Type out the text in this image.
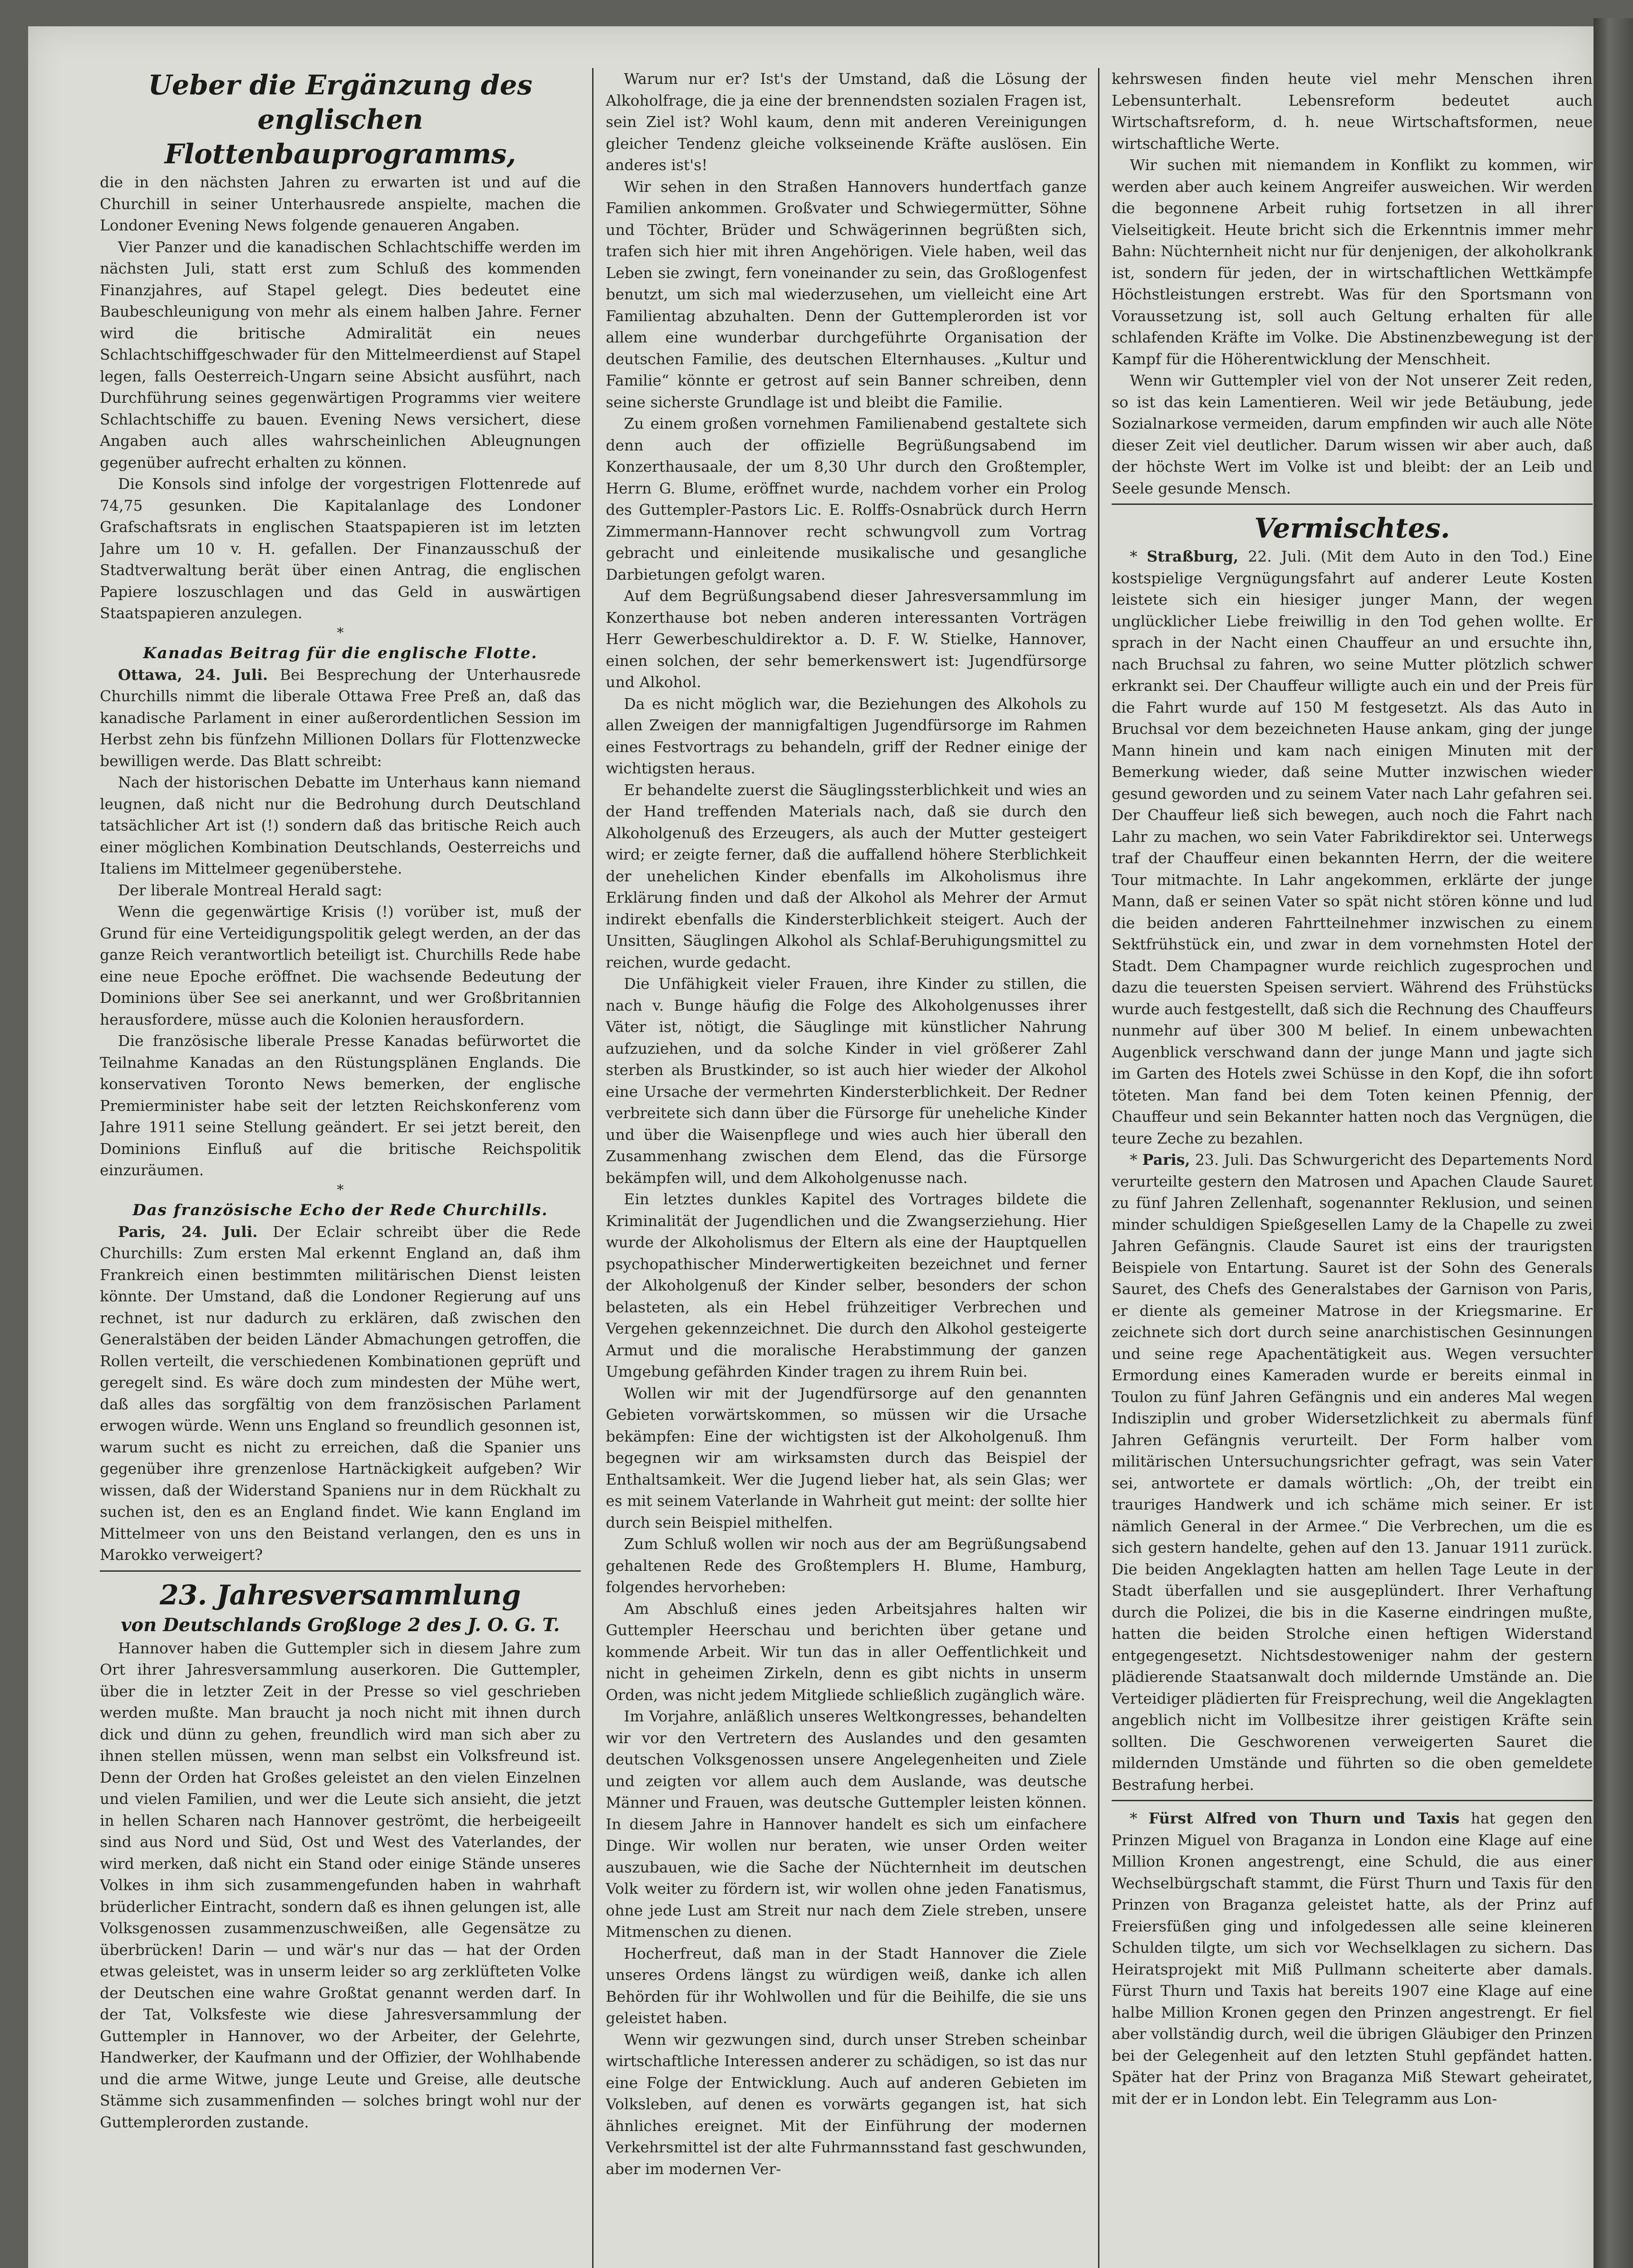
Ueber die Ergänzung des englischen Flottenbauprogramms,

die in den nächsten Jahren zu erwarten ist und auf die Churchill in seiner Unterhausrede anspielte, machen die Londoner Evening News folgende genaueren Angaben.

Vier Panzer und die kanadischen Schlachtschiffe werden im nächsten Juli, statt erst zum Schluß des kommenden Finanzjahres, auf Stapel gelegt. Dies bedeutet eine Baubeschleunigung von mehr als einem halben Jahre. Ferner wird die britische Admiralität ein neues Schlachtschiffgeschwader für den Mittelmeerdienst auf Stapel legen, falls Oesterreich-Ungarn seine Absicht ausführt, nach Durchführung seines gegenwärtigen Programms vier weitere Schlachtschiffe zu bauen. Evening News versichert, diese Angaben auch alles wahrscheinlichen Ableugnungen gegenüber aufrecht erhalten zu können.

Die Konsols sind infolge der vorgestrigen Flottenrede auf 74,75 gesunken. Die Kapitalanlage des Londoner Grafschaftsrats in englischen Staatspapieren ist im letzten Jahre um 10 v. H. gefallen. Der Finanzausschuß der Stadtverwaltung berät über einen Antrag, die englischen Papiere loszuschlagen und das Geld in auswärtigen Staatspapieren anzulegen.

*

Kanadas Beitrag für die englische Flotte.

Ottawa, 24. Juli. Bei Besprechung der Unterhausrede Churchills nimmt die liberale Ottawa Free Preß an, daß das kanadische Parlament in einer außerordentlichen Session im Herbst zehn bis fünfzehn Millionen Dollars für Flottenzwecke bewilligen werde. Das Blatt schreibt:

Nach der historischen Debatte im Unterhaus kann niemand leugnen, daß nicht nur die Bedrohung durch Deutschland tatsächlicher Art ist (!) sondern daß das britische Reich auch einer möglichen Kombination Deutschlands, Oesterreichs und Italiens im Mittelmeer gegenüberstehe.

Der liberale Montreal Herald sagt:

Wenn die gegenwärtige Krisis (!) vorüber ist, muß der Grund für eine Verteidigungspolitik gelegt werden, an der das ganze Reich verantwortlich beteiligt ist. Churchills Rede habe eine neue Epoche eröffnet. Die wachsende Bedeutung der Dominions über See sei anerkannt, und wer Großbritannien herausfordere, müsse auch die Kolonien herausfordern.

Die französische liberale Presse Kanadas befürwortet die Teilnahme Kanadas an den Rüstungsplänen Englands. Die konservativen Toronto News bemerken, der englische Premierminister habe seit der letzten Reichskonferenz vom Jahre 1911 seine Stellung geändert. Er sei jetzt bereit, den Dominions Einfluß auf die britische Reichspolitik einzuräumen.

*

Das französische Echo der Rede Churchills.

Paris, 24. Juli. Der Eclair schreibt über die Rede Churchills: Zum ersten Mal erkennt England an, daß ihm Frankreich einen bestimmten militärischen Dienst leisten könnte. Der Umstand, daß die Londoner Regierung auf uns rechnet, ist nur dadurch zu erklären, daß zwischen den Generalstäben der beiden Länder Abmachungen getroffen, die Rollen verteilt, die verschiedenen Kombinationen geprüft und geregelt sind. Es wäre doch zum mindesten der Mühe wert, daß alles das sorgfältig von dem französischen Parlament erwogen würde. Wenn uns England so freundlich gesonnen ist, warum sucht es nicht zu erreichen, daß die Spanier uns gegenüber ihre grenzenlose Hartnäckigkeit aufgeben? Wir wissen, daß der Widerstand Spaniens nur in dem Rückhalt zu suchen ist, den es an England findet. Wie kann England im Mittelmeer von uns den Beistand verlangen, den es uns in Marokko verweigert?

23. Jahresversammlung
von Deutschlands Großloge 2 des J. O. G. T.

Hannover haben die Guttempler sich in diesem Jahre zum Ort ihrer Jahresversammlung auserkoren. Die Guttempler, über die in letzter Zeit in der Presse so viel geschrieben werden mußte. Man braucht ja noch nicht mit ihnen durch dick und dünn zu gehen, freundlich wird man sich aber zu ihnen stellen müssen, wenn man selbst ein Volksfreund ist. Denn der Orden hat Großes geleistet an den vielen Einzelnen und vielen Familien, und wer die Leute sich ansieht, die jetzt in hellen Scharen nach Hannover geströmt, die herbeigeeilt sind aus Nord und Süd, Ost und West des Vaterlandes, der wird merken, daß nicht ein Stand oder einige Stände unseres Volkes in ihm sich zusammengefunden haben in wahrhaft brüderlicher Eintracht, sondern daß es ihnen gelungen ist, alle Volksgenossen zusammenzuschweißen, alle Gegensätze zu überbrücken! Darin — und wär's nur das — hat der Orden etwas geleistet, was in unserm leider so arg zerklüfteten Volke der Deutschen eine wahre Großtat genannt werden darf. In der Tat, Volksfeste wie diese Jahresversammlung der Guttempler in Hannover, wo der Arbeiter, der Gelehrte, Handwerker, der Kaufmann und der Offizier, der Wohlhabende und die arme Witwe, junge Leute und Greise, alle deutsche Stämme sich zusammenfinden — solches bringt wohl nur der Guttemplerorden zustande.

Warum nur er? Ist's der Umstand, daß die Lösung der Alkoholfrage, die ja eine der brennendsten sozialen Fragen ist, sein Ziel ist? Wohl kaum, denn mit anderen Vereinigungen gleicher Tendenz gleiche volkseinende Kräfte auslösen. Ein anderes ist's!

Wir sehen in den Straßen Hannovers hundertfach ganze Familien ankommen. Großvater und Schwiegermütter, Söhne und Töchter, Brüder und Schwägerinnen begrüßten sich, trafen sich hier mit ihren Angehörigen. Viele haben, weil das Leben sie zwingt, fern voneinander zu sein, das Großlogenfest benutzt, um sich mal wiederzusehen, um vielleicht eine Art Familientag abzuhalten. Denn der Guttemplerorden ist vor allem eine wunderbar durchgeführte Organisation der deutschen Familie, des deutschen Elternhauses. „Kultur und Familie“ könnte er getrost auf sein Banner schreiben, denn seine sicherste Grundlage ist und bleibt die Familie.

Zu einem großen vornehmen Familienabend gestaltete sich denn auch der offizielle Begrüßungsabend im Konzerthausaale, der um 8,30 Uhr durch den Großtempler, Herrn G. Blume, eröffnet wurde, nachdem vorher ein Prolog des Guttempler-Pastors Lic. E. Rolffs-Osnabrück durch Herrn Zimmermann-Hannover recht schwungvoll zum Vortrag gebracht und einleitende musikalische und gesangliche Darbietungen gefolgt waren.

Auf dem Begrüßungsabend dieser Jahresversammlung im Konzerthause bot neben anderen interessanten Vorträgen Herr Gewerbeschuldirektor a. D. F. W. Stielke, Hannover, einen solchen, der sehr bemerkenswert ist: Jugendfürsorge und Alkohol.

Da es nicht möglich war, die Beziehungen des Alkohols zu allen Zweigen der mannigfaltigen Jugendfürsorge im Rahmen eines Festvortrags zu behandeln, griff der Redner einige der wichtigsten heraus.

Er behandelte zuerst die Säuglingssterblichkeit und wies an der Hand treffenden Materials nach, daß sie durch den Alkoholgenuß des Erzeugers, als auch der Mutter gesteigert wird; er zeigte ferner, daß die auffallend höhere Sterblichkeit der unehelichen Kinder ebenfalls im Alkoholismus ihre Erklärung finden und daß der Alkohol als Mehrer der Armut indirekt ebenfalls die Kindersterblichkeit steigert. Auch der Unsitten, Säuglingen Alkohol als Schlaf-Beruhigungsmittel zu reichen, wurde gedacht.

Die Unfähigkeit vieler Frauen, ihre Kinder zu stillen, die nach v. Bunge häufig die Folge des Alkoholgenusses ihrer Väter ist, nötigt, die Säuglinge mit künstlicher Nahrung aufzuziehen, und da solche Kinder in viel größerer Zahl sterben als Brustkinder, so ist auch hier wieder der Alkohol eine Ursache der vermehrten Kindersterblichkeit. Der Redner verbreitete sich dann über die Fürsorge für uneheliche Kinder und über die Waisenpflege und wies auch hier überall den Zusammenhang zwischen dem Elend, das die Fürsorge bekämpfen will, und dem Alkoholgenusse nach.

Ein letztes dunkles Kapitel des Vortrages bildete die Kriminalität der Jugendlichen und die Zwangserziehung. Hier wurde der Alkoholismus der Eltern als eine der Hauptquellen psychopathischer Minderwertigkeiten bezeichnet und ferner der Alkoholgenuß der Kinder selber, besonders der schon belasteten, als ein Hebel frühzeitiger Verbrechen und Vergehen gekennzeichnet. Die durch den Alkohol gesteigerte Armut und die moralische Herabstimmung der ganzen Umgebung gefährden Kinder tragen zu ihrem Ruin bei.

Wollen wir mit der Jugendfürsorge auf den genannten Gebieten vorwärtskommen, so müssen wir die Ursache bekämpfen: Eine der wichtigsten ist der Alkoholgenuß. Ihm begegnen wir am wirksamsten durch das Beispiel der Enthaltsamkeit. Wer die Jugend lieber hat, als sein Glas; wer es mit seinem Vaterlande in Wahrheit gut meint: der sollte hier durch sein Beispiel mithelfen.

Zum Schluß wollen wir noch aus der am Begrüßungsabend gehaltenen Rede des Großtemplers H. Blume, Hamburg, folgendes hervorheben:

Am Abschluß eines jeden Arbeitsjahres halten wir Guttempler Heerschau und berichten über getane und kommende Arbeit. Wir tun das in aller Oeffentlichkeit und nicht in geheimen Zirkeln, denn es gibt nichts in unserm Orden, was nicht jedem Mitgliede schließlich zugänglich wäre.

Im Vorjahre, anläßlich unseres Weltkongresses, behandelten wir vor den Vertretern des Auslandes und den gesamten deutschen Volksgenossen unsere Angelegenheiten und Ziele und zeigten vor allem auch dem Auslande, was deutsche Männer und Frauen, was deutsche Guttempler leisten können. In diesem Jahre in Hannover handelt es sich um einfachere Dinge. Wir wollen nur beraten, wie unser Orden weiter auszubauen, wie die Sache der Nüchternheit im deutschen Volk weiter zu fördern ist, wir wollen ohne jeden Fanatismus, ohne jede Lust am Streit nur nach dem Ziele streben, unsere Mitmenschen zu dienen.

Hocherfreut, daß man in der Stadt Hannover die Ziele unseres Ordens längst zu würdigen weiß, danke ich allen Behörden für ihr Wohlwollen und für die Beihilfe, die sie uns geleistet haben.

Wenn wir gezwungen sind, durch unser Streben scheinbar wirtschaftliche Interessen anderer zu schädigen, so ist das nur eine Folge der Entwicklung. Auch auf anderen Gebieten im Volksleben, auf denen es vorwärts gegangen ist, hat sich ähnliches ereignet. Mit der Einführung der modernen Verkehrsmittel ist der alte Fuhrmannsstand fast geschwunden, aber im modernen Ver-

kehrswesen finden heute viel mehr Menschen ihren Lebensunterhalt. Lebensreform bedeutet auch Wirtschaftsreform, d. h. neue Wirtschaftsformen, neue wirtschaftliche Werte.

Wir suchen mit niemandem in Konflikt zu kommen, wir werden aber auch keinem Angreifer ausweichen. Wir werden die begonnene Arbeit ruhig fortsetzen in all ihrer Vielseitigkeit. Heute bricht sich die Erkenntnis immer mehr Bahn: Nüchternheit nicht nur für denjenigen, der alkoholkrank ist, sondern für jeden, der in wirtschaftlichen Wettkämpfe Höchstleistungen erstrebt. Was für den Sportsmann von Voraussetzung ist, soll auch Geltung erhalten für alle schlafenden Kräfte im Volke. Die Abstinenzbewegung ist der Kampf für die Höherentwicklung der Menschheit.

Wenn wir Guttempler viel von der Not unserer Zeit reden, so ist das kein Lamentieren. Weil wir jede Betäubung, jede Sozialnarkose vermeiden, darum empfinden wir auch alle Nöte dieser Zeit viel deutlicher. Darum wissen wir aber auch, daß der höchste Wert im Volke ist und bleibt: der an Leib und Seele gesunde Mensch.

Vermischtes.

* Straßburg, 22. Juli. (Mit dem Auto in den Tod.) Eine kostspielige Vergnügungsfahrt auf anderer Leute Kosten leistete sich ein hiesiger junger Mann, der wegen unglücklicher Liebe freiwillig in den Tod gehen wollte. Er sprach in der Nacht einen Chauffeur an und ersuchte ihn, nach Bruchsal zu fahren, wo seine Mutter plötzlich schwer erkrankt sei. Der Chauffeur willigte auch ein und der Preis für die Fahrt wurde auf 150 M festgesetzt. Als das Auto in Bruchsal vor dem bezeichneten Hause ankam, ging der junge Mann hinein und kam nach einigen Minuten mit der Bemerkung wieder, daß seine Mutter inzwischen wieder gesund geworden und zu seinem Vater nach Lahr gefahren sei. Der Chauffeur ließ sich bewegen, auch noch die Fahrt nach Lahr zu machen, wo sein Vater Fabrikdirektor sei. Unterwegs traf der Chauffeur einen bekannten Herrn, der die weitere Tour mitmachte. In Lahr angekommen, erklärte der junge Mann, daß er seinen Vater so spät nicht stören könne und lud die beiden anderen Fahrtteilnehmer inzwischen zu einem Sektfrühstück ein, und zwar in dem vornehmsten Hotel der Stadt. Dem Champagner wurde reichlich zugesprochen und dazu die teuersten Speisen serviert. Während des Frühstücks wurde auch festgestellt, daß sich die Rechnung des Chauffeurs nunmehr auf über 300 M belief. In einem unbewachten Augenblick verschwand dann der junge Mann und jagte sich im Garten des Hotels zwei Schüsse in den Kopf, die ihn sofort töteten. Man fand bei dem Toten keinen Pfennig, der Chauffeur und sein Bekannter hatten noch das Vergnügen, die teure Zeche zu bezahlen.

* Paris, 23. Juli. Das Schwurgericht des Departements Nord verurteilte gestern den Matrosen und Apachen Claude Sauret zu fünf Jahren Zellenhaft, sogenannter Reklusion, und seinen minder schuldigen Spießgesellen Lamy de la Chapelle zu zwei Jahren Gefängnis. Claude Sauret ist eins der traurigsten Beispiele von Entartung. Sauret ist der Sohn des Generals Sauret, des Chefs des Generalstabes der Garnison von Paris, er diente als gemeiner Matrose in der Kriegsmarine. Er zeichnete sich dort durch seine anarchistischen Gesinnungen und seine rege Apachentätigkeit aus. Wegen versuchter Ermordung eines Kameraden wurde er bereits einmal in Toulon zu fünf Jahren Gefängnis und ein anderes Mal wegen Indisziplin und grober Widersetzlichkeit zu abermals fünf Jahren Gefängnis verurteilt. Der Form halber vom militärischen Untersuchungsrichter gefragt, was sein Vater sei, antwortete er damals wörtlich: „Oh, der treibt ein trauriges Handwerk und ich schäme mich seiner. Er ist nämlich General in der Armee.“ Die Verbrechen, um die es sich gestern handelte, gehen auf den 13. Januar 1911 zurück. Die beiden Angeklagten hatten am hellen Tage Leute in der Stadt überfallen und sie ausgeplündert. Ihrer Verhaftung durch die Polizei, die bis in die Kaserne eindringen mußte, hatten die beiden Strolche einen heftigen Widerstand entgegengesetzt. Nichtsdestoweniger nahm der gestern plädierende Staatsanwalt doch mildernde Umstände an. Die Verteidiger plädierten für Freisprechung, weil die Angeklagten angeblich nicht im Vollbesitze ihrer geistigen Kräfte sein sollten. Die Geschworenen verweigerten Sauret die mildernden Umstände und führten so die oben gemeldete Bestrafung herbei.

* Fürst Alfred von Thurn und Taxis hat gegen den Prinzen Miguel von Braganza in London eine Klage auf eine Million Kronen angestrengt, eine Schuld, die aus einer Wechselbürgschaft stammt, die Fürst Thurn und Taxis für den Prinzen von Braganza geleistet hatte, als der Prinz auf Freiersfüßen ging und infolgedessen alle seine kleineren Schulden tilgte, um sich vor Wechselklagen zu sichern. Das Heiratsprojekt mit Miß Pullmann scheiterte aber damals. Fürst Thurn und Taxis hat bereits 1907 eine Klage auf eine halbe Million Kronen gegen den Prinzen angestrengt. Er fiel aber vollständig durch, weil die übrigen Gläubiger den Prinzen bei der Gelegenheit auf den letzten Stuhl gepfändet hatten. Später hat der Prinz von Braganza Miß Stewart geheiratet, mit der er in London lebt. Ein Telegramm aus Lon-
